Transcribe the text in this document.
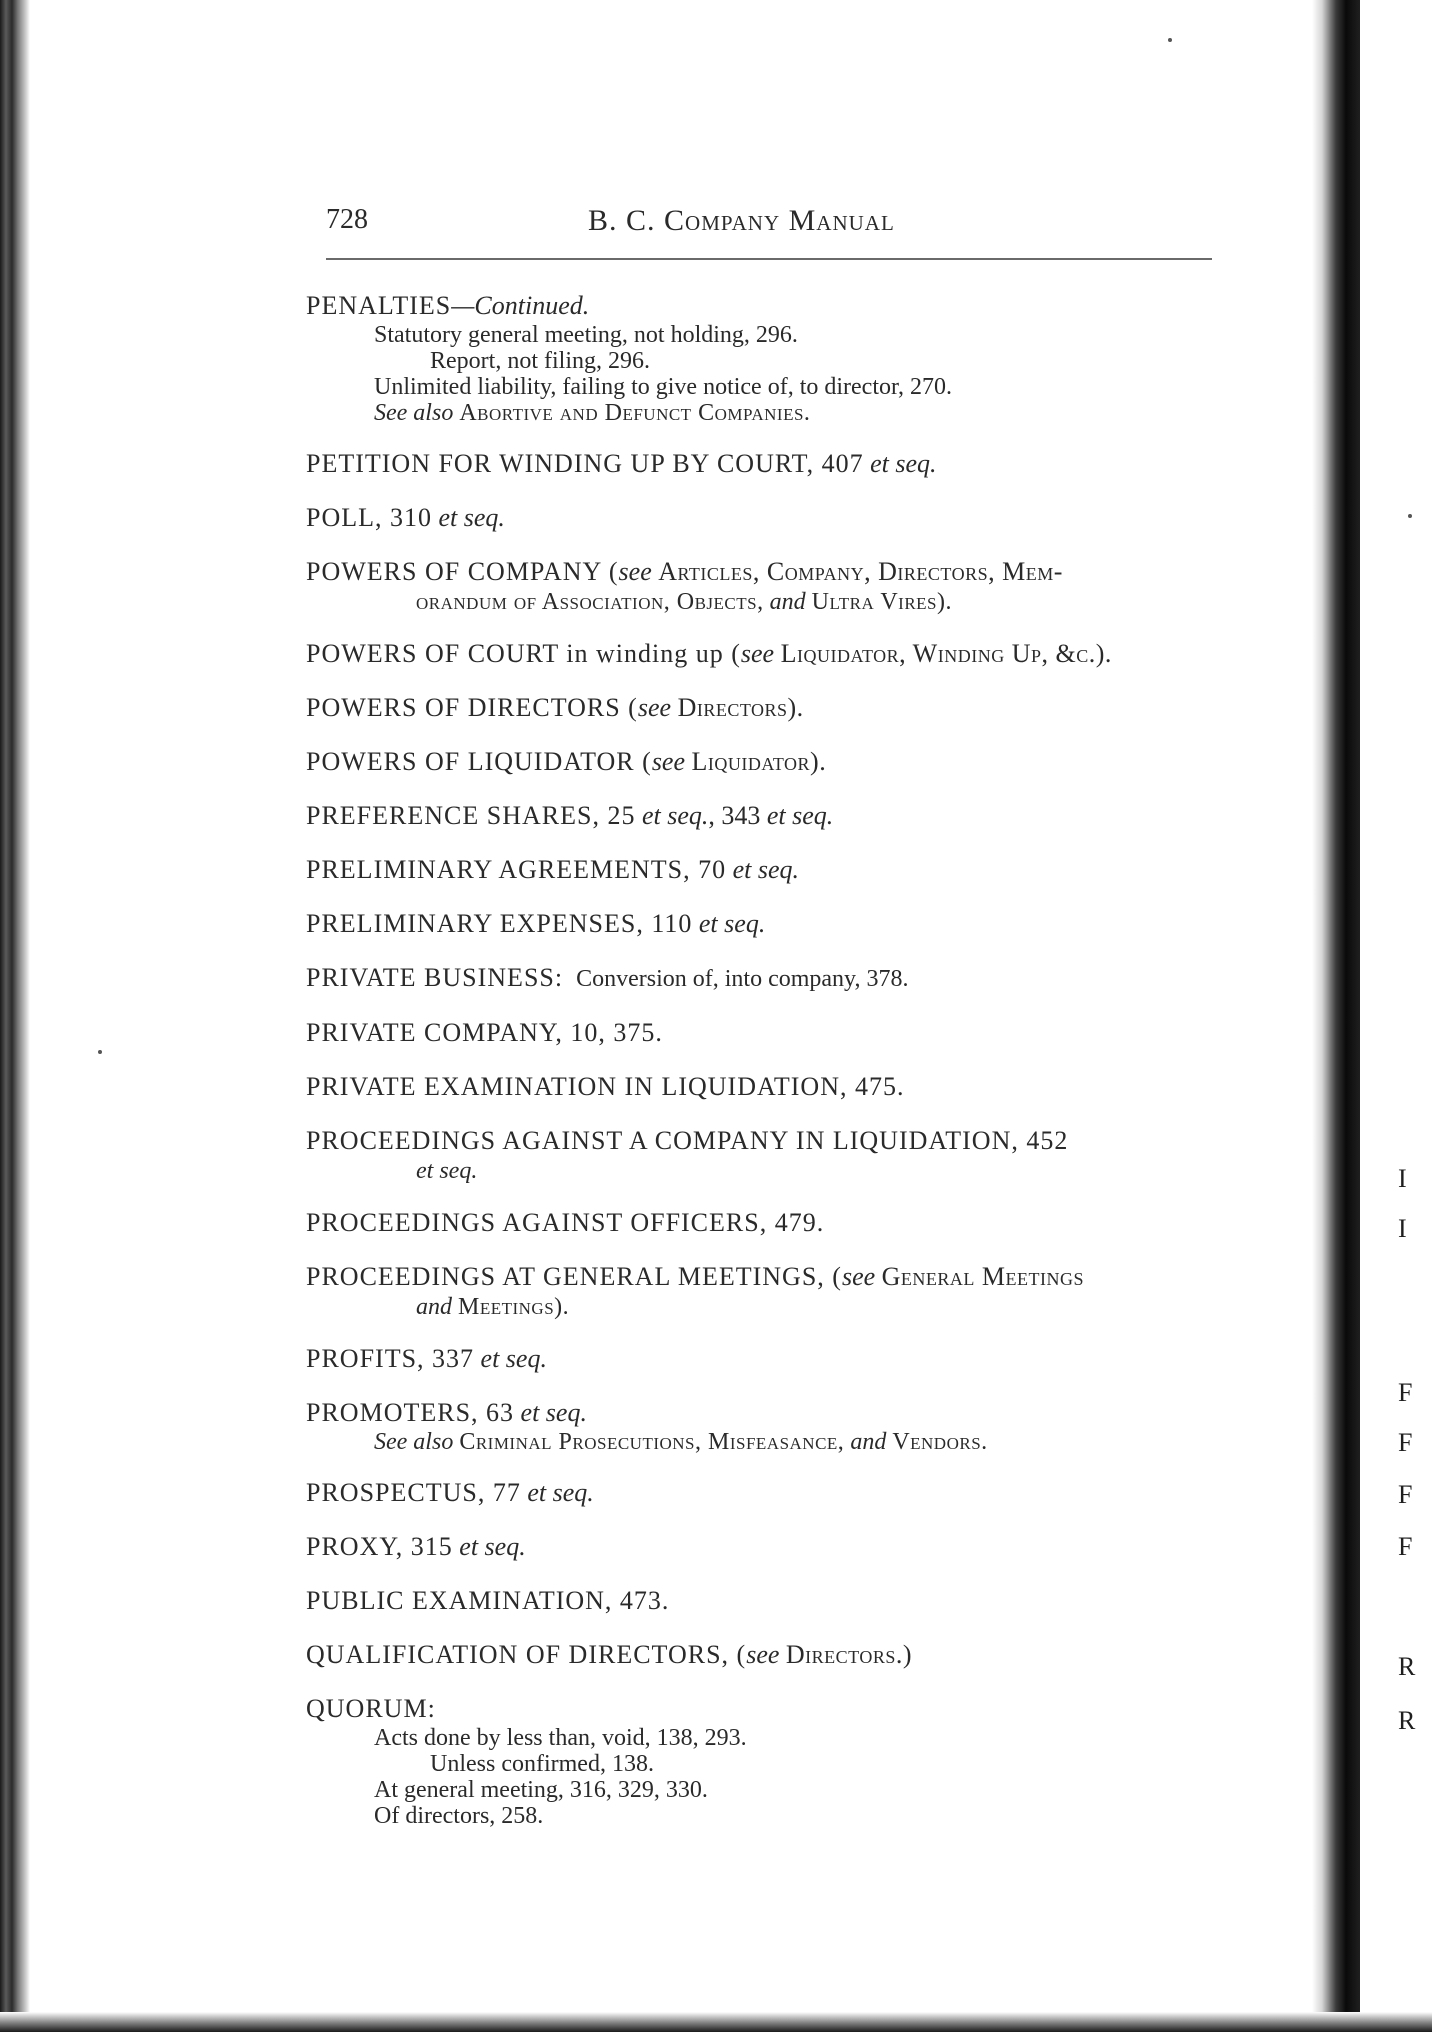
728	B. C. Company Manual
PENALTIES—Continued.
Statutory general meeting, not holding, 296.
Report, not filing, 296.
Unlimited liability, failing to give notice of, to director, 270.
See also Abortive and Defunct Companies.
PETITION FOR WINDING UP BY COURT, 407 et seq.
POLL, 310 et seq.
POWERS OF COMPANY (see Articles, Company, Directors, Mem-
orandum of Association, Objects, and Ultra Vires).
POWERS OF COURT in winding up (see Liquidator, Winding Up, &c.).
POWERS OF DIRECTORS (see Directors).
POWERS OF LIQUIDATOR (see Liquidator).
PREFERENCE SHARES, 25 et seq., 343 et seq.
PRELIMINARY AGREEMENTS, 70 et seq.
PRELIMINARY EXPENSES, 110 et seq.
PRIVATE BUSINESS: Conversion of, into company, 378.
PRIVATE COMPANY, 10, 375.
PRIVATE EXAMINATION IN LIQUIDATION, 475.
PROCEEDINGS AGAINST A COMPANY IN LIQUIDATION, 452
et seq.
PROCEEDINGS AGAINST OFFICERS, 479.
PROCEEDINGS AT GENERAL MEETINGS, (see General Meetings
and Meetings).
PROFITS, 337 et seq.
PROMOTERS, 63 et seq.
See also Criminal Prosecutions, Misfeasance, and Vendors.
PROSPECTUS, 77 et seq.
PROXY, 315 et seq.
PUBLIC EXAMINATION, 473.
QUALIFICATION OF DIRECTORS, (see Directors.)
QUORUM:
Acts done by less than, void, 138, 293.
Unless confirmed, 138.
At general meeting, 316, 329, 330.
Of directors, 258.
I
I
F
F
F
F
R
R
